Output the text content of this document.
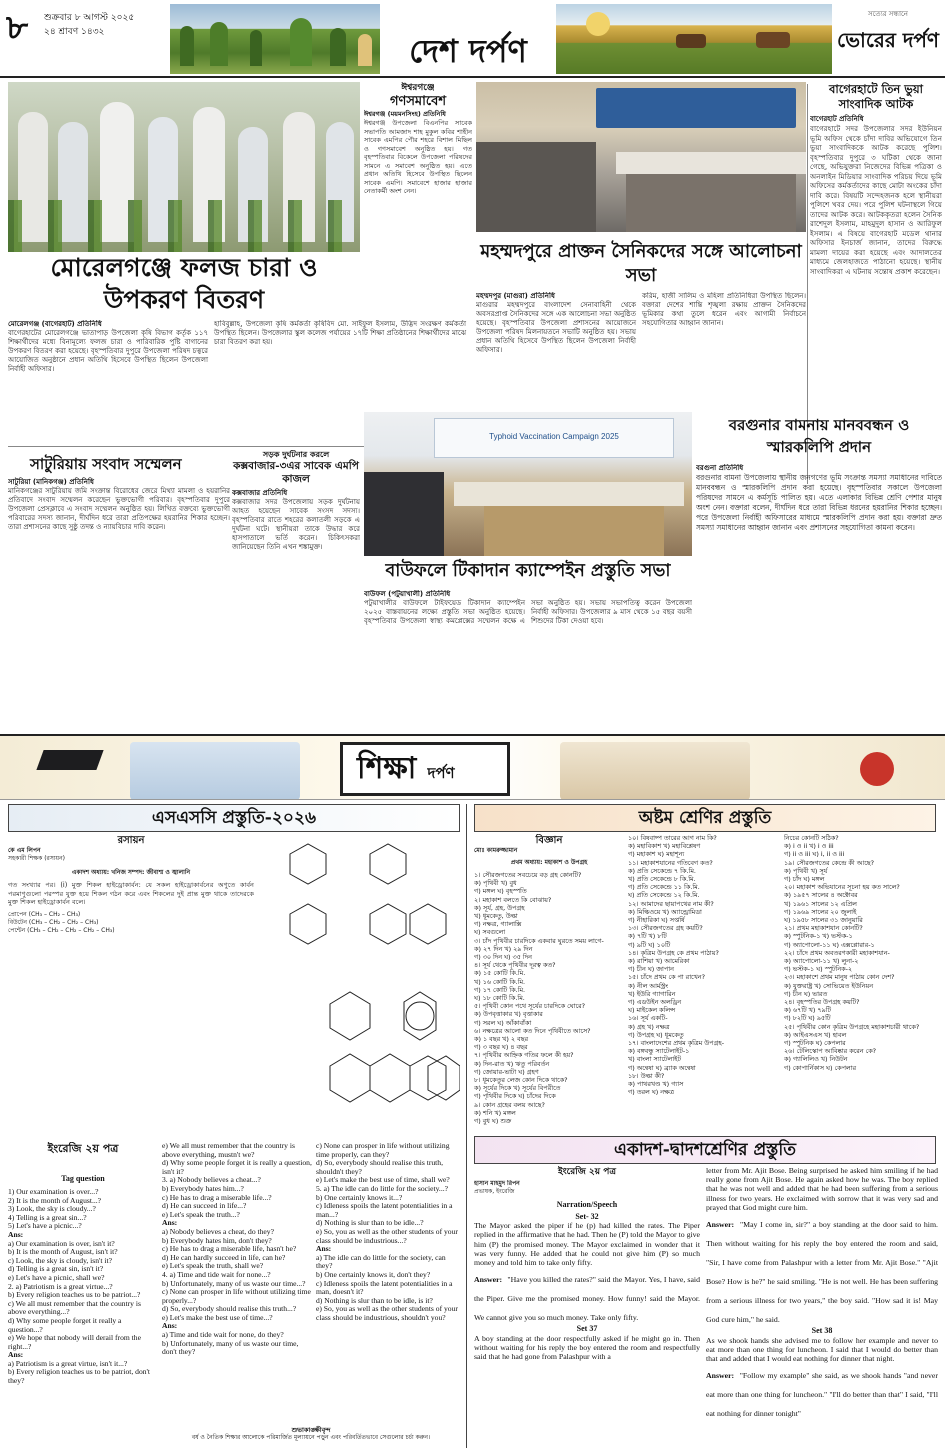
৮	শুক্রবার ৮ আগস্ট ২০২৫
২৪ শ্রাবণ ১৪৩২	দেশ দর্পণ
সত্যের সন্ধানে
ভোরের দর্পণ
ঈশ্বরগঞ্জে
গণসমাবেশ
ঈশ্বরগঞ্জ (ময়মনসিংহ) প্রতিনিধি
ঈশ্বরগঞ্জ উপজেলা বিএনপির সাবেক সভাপতি আমজাদ শাহ মুকুল কবির শাহীন সাবেক এমপির পৌর শহরে বিশাল মিছিল ও গণসমাবেশ অনুষ্ঠিত হয়। গত বৃহস্পতিবার বিকেলে উপজেলা পরিষদের সামনে এ সমাবেশ অনুষ্ঠিত হয়। এতে প্রধান অতিথি হিসেবে উপস্থিত ছিলেন সাবেক এমপি। সমাবেশে হাজার হাজার নেতাকর্মী অংশ নেন।
বাগেরহাটে তিন ভুয়া সাংবাদিক আটক
বাগেরহাট প্রতিনিধি
বাগেরহাটে সদর উপজেলার সদর ইউনিয়ন ভূমি অফিস থেকে চাঁদা দাবির অভিযোগে তিন ভুয়া সাংবাদিককে আটক করেছে পুলিশ। বৃহস্পতিবার দুপুরে ৩ ঘটিকা থেকে জানা গেছে, অভিযুক্তরা নিজেদের বিভিন্ন পত্রিকা ও অনলাইন মিডিয়ার সাংবাদিক পরিচয় দিয়ে ভূমি অফিসের কর্মকর্তাদের কাছে মোটা অংকের চাঁদা দাবি করে। বিষয়টি সন্দেহজনক হলে স্থানীয়রা পুলিশে খবর দেয়। পরে পুলিশ ঘটনাস্থলে গিয়ে তাদের আটক করে। আটককৃতরা হলেন সৈনিক রাশেদুল ইসলাম, মাহমুদুল হাসান ও আরিফুল ইসলাম। এ বিষয়ে বাগেরহাট মডেল থানার অফিসার ইনচার্জ জানান, তাদের বিরুদ্ধে মামলা দায়ের করা হয়েছে এবং আদালতের মাধ্যমে জেলহাজতে পাঠানো হয়েছে। স্থানীয় সাংবাদিকরা এ ঘটনায় সন্তোষ প্রকাশ করেছেন।
মোরেলগঞ্জে ফলজ চারা ও উপকরণ বিতরণ
মহম্মদপুরে প্রাক্তন সৈনিকদের সঙ্গে আলোচনা সভা
মোরেলগঞ্জ (বাগেরহাট) প্রতিনিধি
বাগেরহাটের মোরেলগঞ্জে ভাতাপাড় উপজেলা কৃষি বিভাগ কর্তৃক ১১৭ শিক্ষার্থীদের মধ্যে বিনামূল্যে ফলজ চারা ও পারিবারিক পুষ্টি বাগানের উপকরণ বিতরণ করা হয়েছে। বৃহস্পতিবার দুপুরে উপজেলা পরিষদ চত্বরে আয়োজিত অনুষ্ঠানে প্রধান অতিথি হিসেবে উপস্থিত ছিলেন উপজেলা নির্বাহী অফিসার।
হাবিবুল্লাহ, উপজেলা কৃষি কর্মকর্তা কৃষিবিদ মো. সাইফুল ইসলাম, উদ্ভিদ সংরক্ষণ কর্মকর্তা উপস্থিত ছিলেন। উপজেলার স্কুল কলেজ পর্যায়ের ১৭টি শিক্ষা প্রতিষ্ঠানের শিক্ষার্থীদের মাঝে চারা বিতরণ করা হয়।
মহম্মদপুর (মাগুরা) প্রতিনিধি
মাগুরার মহম্মদপুরে বাংলাদেশ সেনাবাহিনী থেকে অবসরপ্রাপ্ত সৈনিকদের সঙ্গে এক আলোচনা সভা অনুষ্ঠিত হয়েছে। বৃহস্পতিবার উপজেলা প্রশাসনের আয়োজনে উপজেলা পরিষদ মিলনায়তনে সভাটি অনুষ্ঠিত হয়। সভায় প্রধান অতিথি হিসেবে উপস্থিত ছিলেন উপজেলা নির্বাহী অফিসার।
করিম, হাজী সালিম ও মহিলা প্রতিনিধিরা উপস্থিত ছিলেন। বক্তারা দেশের শান্তি শৃঙ্খলা রক্ষায় প্রাক্তন সৈনিকদের ভূমিকার কথা তুলে ধরেন এবং আগামী নির্বাচনে সহযোগিতার আহ্বান জানান।
সাটুরিয়ায় সংবাদ সম্মেলন
সাটুরিয়া (মানিকগঞ্জ) প্রতিনিধি
মানিকগঞ্জের সাটুরিয়ায় জমি সংক্রান্ত বিরোধের জেরে মিথ্যা মামলা ও হয়রানির প্রতিবাদে সংবাদ সম্মেলন করেছেন ভুক্তভোগী পরিবার। বৃহস্পতিবার দুপুরে উপজেলা প্রেসক্লাবে এ সংবাদ সম্মেলন অনুষ্ঠিত হয়। লিখিত বক্তব্যে ভুক্তভোগী পরিবারের সদস্য জানান, দীর্ঘদিন ধরে তারা প্রতিপক্ষের হয়রানির শিকার হচ্ছেন। তারা প্রশাসনের কাছে সুষ্ঠু তদন্ত ও ন্যায়বিচার দাবি করেন।
সড়ক দুর্ঘটনার করলে
কক্সবাজার-৩এর সাবেক এমপি কাজল
কক্সবাজার প্রতিনিধি
কক্সবাজার সদর উপজেলায় সড়ক দুর্ঘটনায় আহত হয়েছেন সাবেক সংসদ সদস্য। বৃহস্পতিবার রাতে শহরের কলাতলী সড়কে এ দুর্ঘটনা ঘটে। স্থানীয়রা তাকে উদ্ধার করে হাসপাতালে ভর্তি করেন। চিকিৎসকরা জানিয়েছেন তিনি এখন শঙ্কামুক্ত।
Typhoid Vaccination Campaign 2025
বরগুনার বামনায় মানববন্ধন ও স্মারকলিপি প্রদান
বাউফলে টিকাদান ক্যাম্পেইন প্রস্তুতি সভা
বাউফল (পটুয়াখালী) প্রতিনিধি
পটুয়াখালীর বাউফলে টাইফয়েড টিকাদান ক্যাম্পেইন ২০২৫ বাস্তবায়নের লক্ষ্যে প্রস্তুতি সভা অনুষ্ঠিত হয়েছে। বৃহস্পতিবার উপজেলা স্বাস্থ্য কমপ্লেক্সের সম্মেলন কক্ষে এ সভা অনুষ্ঠিত হয়। সভায় সভাপতিত্ব করেন উপজেলা নির্বাহী অফিসার। উপজেলার ৯ মাস থেকে ১৫ বছর বয়সী শিশুদের টিকা দেওয়া হবে।
বরগুনা প্রতিনিধি
বরগুনার বামনা উপজেলায় স্থানীয় জনগণের ভূমি সংক্রান্ত সমস্যা সমাধানের দাবিতে মানববন্ধন ও স্মারকলিপি প্রদান করা হয়েছে। বৃহস্পতিবার সকালে উপজেলা পরিষদের সামনে এ কর্মসূচি পালিত হয়। এতে এলাকার বিভিন্ন শ্রেণি পেশার মানুষ অংশ নেন। বক্তারা বলেন, দীর্ঘদিন ধরে তারা বিভিন্ন ধরনের হয়রানির শিকার হচ্ছেন। পরে উপজেলা নির্বাহী অফিসারের মাধ্যমে স্মারকলিপি প্রদান করা হয়। বক্তারা দ্রুত সমস্যা সমাধানের আহ্বান জানান এবং প্রশাসনের সহযোগিতা কামনা করেন।
শিক্ষা দর্পণ
এসএসসি প্রস্তুতি-২০২৬
রসায়ন
কে এম লিপন
সহকারী শিক্ষক (রসায়ন)
একাদশ অধ্যায়: খনিজ সম্পদ: জীবাশ্ম ও জ্বালানি
গত সংখ্যার পর। (i) মুক্ত শিকল হাইড্রোকার্বন: যে সকল হাইড্রোকার্বনের অণুতে কার্বন পরমাণুগুলো পরস্পর যুক্ত হয়ে শিকল গঠন করে এবং শিকলের দুই প্রান্ত মুক্ত থাকে তাদেরকে মুক্ত শিকল হাইড্রোকার্বন বলে।
প্রোপেন (CH₃ – CH₂ – CH₃)
বিউটেন (CH₃ – CH₂ – CH₂ – CH₃)
পেন্টেন (CH₃ – CH₂ – CH₂ – CH₂ – CH₃)
ইংরেজি ২য় পত্র
Tag question
1) Our examination is over...?
2) It is the month of August...?
3) Look, the sky is cloudy...?
4) Telling is a great sin...?
5) Let's have a picnic...?
Ans:
a) Our examination is over, isn't it?
b) It is the month of August, isn't it?
c) Look, the sky is cloudy, isn't it?
d) Telling is a great sin, isn't it?
e) Let's have a picnic, shall we?
2. a) Patriotism is a great virtue...?
b) Every religion teaches us to be patriot...?
c) We all must remember that the country is above everything...?
d) Why some people forget it really a question...?
e) We hope that nobody will derail from the right...?
Ans:
a) Patriotism is a great virtue, isn't it...?
b) Every religion teaches us to be patriot, don't they?
e) We all must remember that the country is above everything, mustn't we?
d) Why some people forget it is really a question, isn't it?
3. a) Nobody believes a cheat...?
b) Everybody hates him...?
c) He has to drag a miserable life...?
d) He can succeed in life...?
e) Let's speak the truth...?
Ans:
a) Nobody believes a cheat, do they?
b) Everybody hates him, don't they?
c) He has to drag a miserable life, hasn't he?
d) He can hardly succeed in life, can he?
e) Let's speak the truth, shall we?
4. a) Time and tide wait for none...?
b) Unfortunately, many of us waste our time...?
c) None can prosper in life without utilizing time properly...?
d) So, everybody should realise this truth...?
e) Let's make the best use of time...?
Ans:
a) Time and tide wait for none, do they?
b) Unfortunately, many of us waste our time, don't they?
c) None can prosper in life without utilizing time properly, can they?
d) So, everybody should realise this truth, shouldn't they?
e) Let's make the best use of time, shall we?
5. a) The idle can do little for the society...?
b) One certainly knows it...?
c) Idleness spoils the latent potentialities in a man...?
d) Nothing is slur than to be idle...?
e) So, you as well as the other students of your class should be industrious...?
Ans:
a) The idle can do little for the society, can they?
b) One certainly knows it, don't they?
c) Idleness spoils the latent potentialities in a man, doesn't it?
d) Nothing is slur than to be idle, is it?
e) So, you as well as the other students of your class should be industrious, shouldn't you?
শুভাকাঙ্ক্ষীবৃন্দ
বর্ষ ও নৈতিক শিক্ষার আলোকে পরিমার্জিত মূল্যায়নে পড়ুন এবং পরিবর্তিতভাবে সেগুলোর চর্চা করুন।
অষ্টম শ্রেণির প্রস্তুতি
বিজ্ঞান
মোঃ কামরুজ্জামান
প্রথম অধ্যায়: মহাকাশ ও উপগ্রহ
১। সৌরজগতের সবচেয়ে বড় গ্রহ কোনটি?
ক) পৃথিবী খ) বুধ
গ) মঙ্গল ঘ) বৃহস্পতি
২। মহাকাশ বলতে কি বোঝায়?
ক) সূর্য, গ্রহ, উপগ্রহ
খ) ধূমকেতু, উল্কা
গ) নক্ষত্র, গ্যালাক্সি
ঘ) সবগুলো
৩। চাঁদ পৃথিবীর চারদিকে একবার ঘুরতে সময় লাগে-
ক) ২৭ দিন খ) ২৯ দিন
গ) ৩০ দিন ঘ) ৩৫ দিন
৪। সূর্য থেকে পৃথিবীর দূরত্ব কত?
ক) ১৫ কোটি কি.মি.
খ) ১৬ কোটি কি.মি.
গ) ১৭ কোটি কি.মি.
ঘ) ১৮ কোটি কি.মি.
৫। পৃথিবী কোন পথে সূর্যের চারদিকে ঘোরে?
ক) উপবৃত্তাকার খ) বৃত্তাকার
গ) সরল ঘ) আঁকাবাঁকা
৬। নক্ষত্রের আলো কত দিনে পৃথিবীতে আসে?
ক) ১ বছর খ) ২ বছর
গ) ৩ বছর ঘ) ৪ বছর
৭। পৃথিবীর আহ্নিক গতির ফলে কী হয়?
ক) দিন-রাত খ) ঋতু পরিবর্তন
গ) জোয়ার-ভাটা ঘ) গ্রহণ
৮। ধূমকেতুর লেজ কোন দিকে থাকে?
ক) সূর্যের দিকে খ) সূর্যের বিপরীতে
গ) পৃথিবীর দিকে ঘ) চাঁদের দিকে
৯। কোন গ্রহের বলয় আছে?
ক) শনি খ) মঙ্গল
গ) বুধ ঘ) শুক্র
১০। বিষবাষ্প তারের আগ নাম কি?
ক) মহাবিকাশ খ) মহাবিশ্লেষণ
গ) মহাকাশ ঘ) মহাশূন্য
১১। মহাকাশযানের গতিবেগ কত?
ক) প্রতি সেকেন্ডে ৭ কি.মি.
খ) প্রতি সেকেন্ডে ৮ কি.মি.
গ) প্রতি সেকেন্ডে ১১ কি.মি.
ঘ) প্রতি সেকেন্ডে ১২ কি.মি.
১২। আমাদের ছায়াপথের নাম কী?
ক) মিল্কিওয়ে খ) অ্যান্ড্রোমিডা
গ) নীহারিকা ঘ) সপ্তর্ষি
১৩। সৌরজগতের গ্রহ কয়টি?
ক) ৭টি খ) ৮টি
গ) ৯টি ঘ) ১০টি
১৪। কৃত্রিম উপগ্রহ কে প্রথম পাঠায়?
ক) রাশিয়া খ) আমেরিকা
গ) চীন ঘ) জাপান
১৫। চাঁদে প্রথম কে পা রাখেন?
ক) নীল আর্মস্ট্রং
খ) ইউরি গ্যাগারিন
গ) এডউইন অলড্রিন
ঘ) মাইকেল কলিন্স
১৬। সূর্য একটি-
ক) গ্রহ খ) নক্ষত্র
গ) উপগ্রহ ঘ) ধূমকেতু
১৭। বাংলাদেশের প্রথম কৃত্রিম উপগ্রহ-
ক) বঙ্গবন্ধু স্যাটেলাইট-১
খ) বাংলা স্যাটেলাইট
গ) অন্বেষা ঘ) ব্র্যাক অন্বেষা
১৮। উল্কা কী?
ক) পাথরখণ্ড খ) গ্যাস
গ) তরল ঘ) নক্ষত্র
নিচের কোনটি সঠিক?
ক) i ও ii খ) i ও iii
গ) ii ও iii ঘ) i, ii ও iii
১৯। সৌরজগতের কেন্দ্রে কী আছে?
ক) পৃথিবী খ) সূর্য
গ) চাঁদ ঘ) মঙ্গল
২০। মহাকাশ অভিযানের সূচনা হয় কত সালে?
ক) ১৯৫৭ সালের ৪ অক্টোবর
খ) ১৯৬১ সালের ১২ এপ্রিল
গ) ১৯৬৯ সালের ২০ জুলাই
ঘ) ১৯৫৮ সালের ৩১ জানুয়ারি
২১। প্রথম মহাকাশযান কোনটি?
ক) স্পুটনিক-১ খ) ভস্টক-১
গ) অ্যাপোলো-১১ ঘ) এক্সপ্লোরার-১
২২। চাঁদে প্রথম অবতরণকারী মহাকাশযান-
ক) অ্যাপোলো-১১ খ) লুনা-২
গ) ভস্টক-১ ঘ) স্পুটনিক-২
২৩। মহাকাশে প্রথম মানুষ পাঠায় কোন দেশ?
ক) যুক্তরাষ্ট্র খ) সোভিয়েত ইউনিয়ন
গ) চীন ঘ) ভারত
২৪। বৃহস্পতির উপগ্রহ কয়টি?
ক) ৬৭টি খ) ৭৯টি
গ) ৮২টি ঘ) ৯৫টি
২৫। পৃথিবীর কোন কৃত্রিম উপগ্রহে মহাকাশচারী থাকে?
ক) আইএসএস খ) হাবল
গ) স্পুটনিক ঘ) কেপলার
২৬। টেলিস্কোপ আবিষ্কার করেন কে?
ক) গ্যালিলিও খ) নিউটন
গ) কোপার্নিকাস ঘ) কেপলার
একাদশ-দ্বাদশশ্রেণির প্রস্তুতি
ইংরেজি ২য় পত্র
হাসান মাহমুদ রিপন
প্রভাষক, ইংরেজি
Narration/Speech
Set- 32
The Mayor asked the piper if he (p) had killed the rates. The Piper replied in the affirmative that he had. Then he (P) told the Mayor to give him (P) the promised money. The Mayor exclaimed in wonder that it was very funny. He added that he could not give him (P) so much money and told him to take only fifty.
Answer: "Have you killed the rates?" said the Mayor. Yes, I have, said the Piper. Give me the promised money. How funny! said the Mayor. We cannot give you so much money. Take only fifty.
Set 37
A boy standing at the door respectfully asked if he might go in. Then without waiting for his reply the boy entered the room and respectfully said that he had gone from Palashpur with a
letter from Mr. Ajit Bose. Being surprised he asked him smiling if he had really gone from Ajit Bose. He again asked how he was. The boy replied that he was not well and added that he had been suffering from a serious illness for two years. He exclaimed with sorrow that it was very sad and prayed that God might cure him.
Answer: "May I come in, sir?" a boy standing at the door said to him. Then without waiting for his reply the boy entered the room and said, "Sir, I have come from Palashpur with a letter from Mr. Ajit Bose." "Ajit Bose? How is he?" he said smiling. "He is not well. He has been suffering from a serious illness for two years," the boy said. "How sad it is! May God cure him," he said.
Set 38
As we shook hands she advised me to follow her example and never to eat more than one thing for luncheon. I said that I would do better than that and added that I would eat nothing for dinner that night.
Answer: "Follow my example" she said, as we shook hands "and never eat more than one thing for luncheon." "I'll do better than that" I said, "I'll eat nothing for dinner tonight"
